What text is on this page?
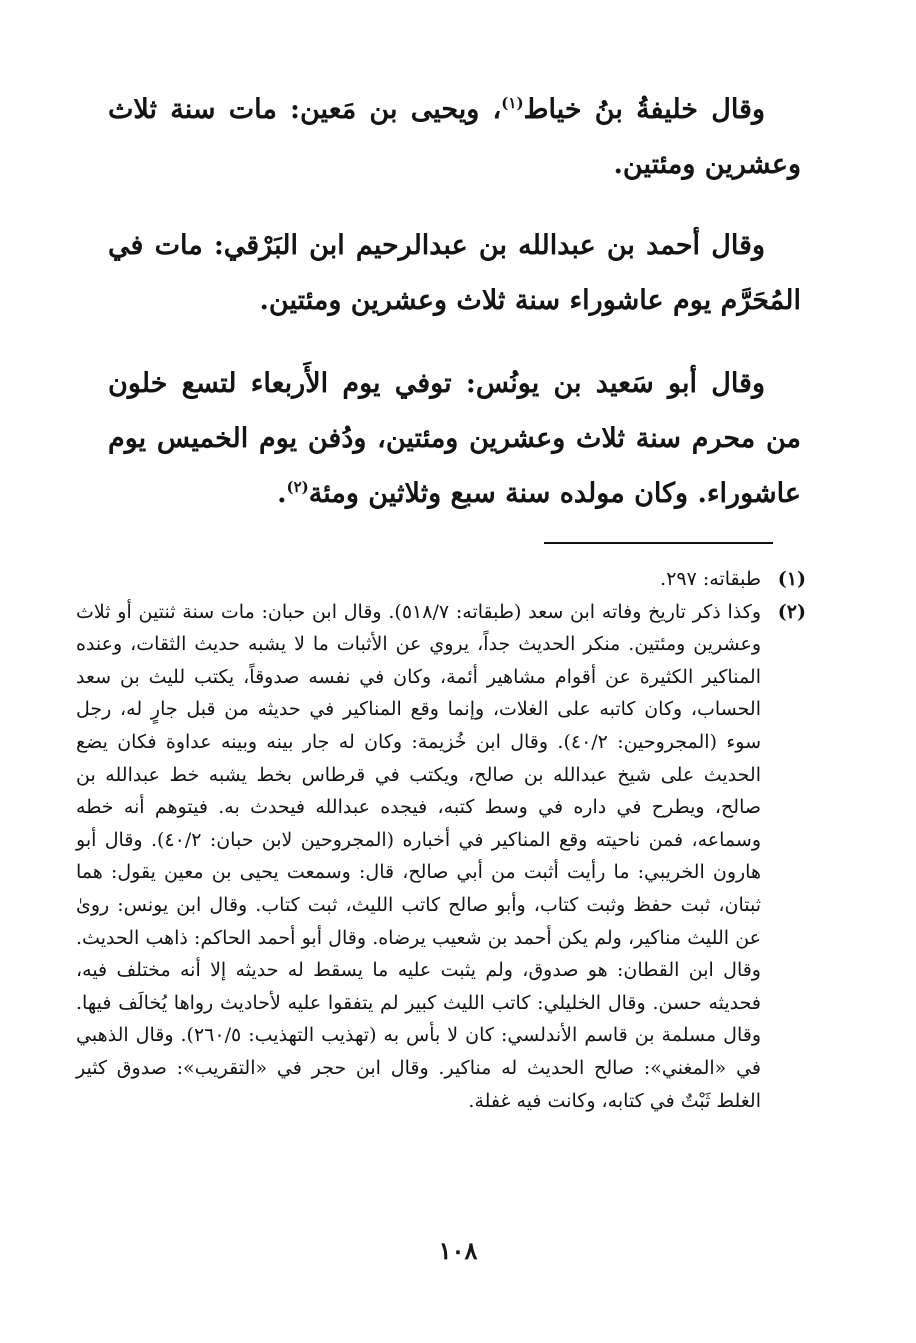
وقال خليفةُ بنُ خياط$^{(١)}$، ويحيى بن مَعين: مات سنة ثلاث وعشرين ومئتين.

وقال أحمد بن عبدالله بن عبدالرحيم ابن البَرْقي: مات في المُحَرَّم يوم عاشوراء سنة ثلاث وعشرين ومئتين.

وقال أبو سَعيد بن يونُس: توفي يوم الأَربعاء لتسع خلون من محرم سنة ثلاث وعشرين ومئتين، ودُفن يوم الخميس يوم عاشوراء. وكان مولده سنة سبع وثلاثين ومئة$^{(٢)}$.

(١)
طبقاته: ٢٩٧.
(٢)
وكذا ذكر تاريخ وفاته ابن سعد (طبقاته: ٥١٨/٧). وقال ابن حبان: مات سنة ثنتين أو ثلاث وعشرين ومئتين. منكر الحديث جداً، يروي عن الأثبات ما لا يشبه حديث الثقات، وعنده المناكير الكثيرة عن أقوام مشاهير أئمة، وكان في نفسه صدوقاً، يكتب لليث بن سعد الحساب، وكان كاتبه على الغلات، وإنما وقع المناكير في حديثه من قبل جارٍ له، رجل سوء (المجروحين: ٤٠/٢). وقال ابن خُزيمة: وكان له جار بينه وبينه عداوة فكان يضع الحديث على شيخ عبدالله بن صالح، ويكتب في قرطاس بخط يشبه خط عبدالله بن صالح، ويطرح في داره في وسط كتبه، فيجده عبدالله فيحدث به. فيتوهم أنه خطه وسماعه، فمن ناحيته وقع المناكير في أخباره (المجروحين لابن حبان: ٤٠/٢). وقال أبو هارون الخريبي: ما رأيت أثبت من أبي صالح، قال: وسمعت يحيى بن معين يقول: هما ثبتان، ثبت حفظ وثبت كتاب، وأبو صالح كاتب الليث، ثبت كتاب. وقال ابن يونس: روىٰ عن الليث مناكير، ولم يكن أحمد بن شعيب يرضاه. وقال أبو أحمد الحاكم: ذاهب الحديث. وقال ابن القطان: هو صدوق، ولم يثبت عليه ما يسقط له حديثه إلا أنه مختلف فيه، فحديثه حسن. وقال الخليلي: كاتب الليث كبير لم يتفقوا عليه لأحاديث رواها يُخالَف فيها. وقال مسلمة بن قاسم الأندلسي: كان لا بأس به (تهذيب التهذيب: ٢٦٠/٥). وقال الذهبي في «المغني»: صالح الحديث له مناكير. وقال ابن حجر في «التقريب»: صدوق كثير الغلط ثَبْتٌ في كتابه، وكانت فيه غفلة.
١٠٨
